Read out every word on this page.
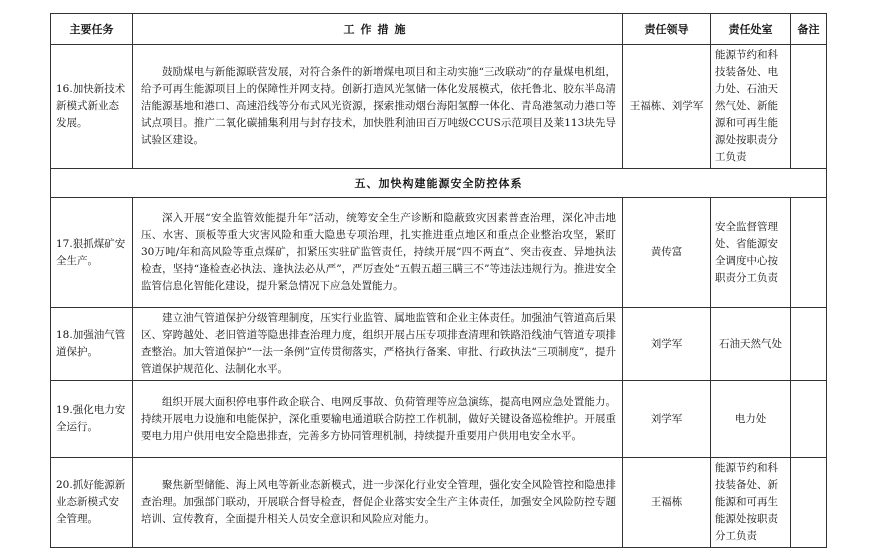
主要任务	工作措施	责任领导	责任处室	备注
16.加快新技术新模式新业态发展。	鼓励煤电与新能源联营发展，对符合条件的新增煤电项目和主动实施“三改联动”的存量煤电机组，给予可再生能源项目上的保障性并网支持。创新打造风光氢储一体化发展模式，依托鲁北、胶东半岛清洁能源基地和港口、高速沿线等分布式风光资源，探索推动烟台海阳氢醇一体化、青岛港氢动力港口等试点项目。推广二氧化碳捕集利用与封存技术，加快胜利油田百万吨级CCUS示范项目及莱113块先导试验区建设。	王福栋、刘学军	能源节约和科技装备处、电力处、石油天然气处、新能源和可再生能源处按职责分工负责	
五、加快构建能源安全防控体系				
17.狠抓煤矿安全生产。	深入开展“安全监管效能提升年”活动，统筹安全生产诊断和隐蔽致灾因素普查治理，深化冲击地压、水害、顶板等重大灾害风险和重大隐患专项治理，扎实推进重点地区和重点企业整治攻坚，紧盯30万吨/年和高风险等重点煤矿，扣紧压实驻矿监管责任，持续开展“四不两直”、突击夜查、异地执法检查，坚持“逢检查必执法、逢执法必从严”，严厉查处“五假五超三瞒三不”等违法违规行为。推进安全监管信息化智能化建设，提升紧急情况下应急处置能力。	黄传富	安全监督管理处、省能源安全调度中心按职责分工负责	
18.加强油气管道保护。	建立油气管道保护分级管理制度，压实行业监管、属地监管和企业主体责任。加强油气管道高后果区、穿跨越处、老旧管道等隐患排查治理力度，组织开展占压专项排查清理和铁路沿线油气管道专项排查整治。加大管道保护“一法一条例”宣传贯彻落实，严格执行备案、审批、行政执法“三项制度”，提升管道保护规范化、法制化水平。	刘学军	石油天然气处	
19.强化电力安全运行。	组织开展大面积停电事件政企联合、电网反事故、负荷管理等应急演练，提高电网应急处置能力。持续开展电力设施和电能保护，深化重要输电通道联合防控工作机制，做好关键设备巡检维护。开展重要电力用户供用电安全隐患排查，完善多方协同管理机制，持续提升重要用户供用电安全水平。	刘学军	电力处	
20.抓好能源新业态新模式安全管理。	聚焦新型储能、海上风电等新业态新模式，进一步深化行业安全管理，强化安全风险管控和隐患排查治理。加强部门联动，开展联合督导检查，督促企业落实安全生产主体责任，加强安全风险防控专题培训、宣传教育，全面提升相关人员安全意识和风险应对能力。	王福栋	能源节约和科技装备处、新能源和可再生能源处按职责分工负责	
